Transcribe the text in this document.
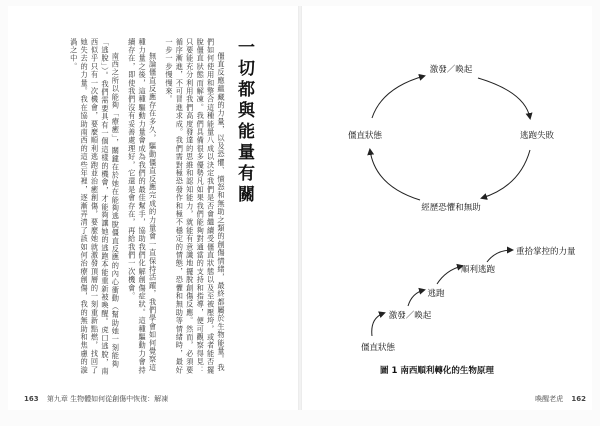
一切都與能量有關

僵直反應蘊藏的力量，以及恐懼、憤怒和無助之類的創傷情緒，最終都屬於生物能量。我們如何使用和整合這種能量八成以決定我們是否會繼續受僵直狀態以及至被壓垮，或者能否擺脫僵直狀態而解凍。我們具備很多優勢凡如果我們能夠對通當的支持和指導，便可觀察得見：只要能充分利用我們高度發達的思維和認知能力，就能有意識地擺脫創傷反應。然而，必須要循序漸進，不可冒進求成。我們需對極恐發作和極不穩定的情態，恐懼和無助等情緒時，最好一步一步慢慢來。

無論僵直反應存在多久，驅動僵直反應完成的力量會一直保持活躍，我們學會如何覺察這種力量之後，這種驅動力量會成為我們的最佳幫手，協助我們化解創傷症狀。這種驅動力會持續存在，即使我們沒有妥善處理好，它還是會存在，再給我們一次機會。

南西之所以能夠「療癒」，關鍵在於她在能夠逃脫僵直反應的內心衝動（幫助她一刻能夠「逃脫」）。我們需要具有一個這樣的機會，才能夠讓她的逃跑本能重新被喚醒。虎口逃脫，南西似乎只有一次機會，要麼順利逃跑並治癒創傷，要麼她就激發頂層的一刻重新點燃，找回了她失去的力量。我在協助南西的這些年裡，逐漸弄清了該如何治療創傷，我的無助和焦慮的漩渦之中。

163 第九章 生物體如何從創傷中恢復：解凍
激發／喚起
逃跑失敗
經歷恐懼和無助
僵直狀態
僵直狀態
激發／喚起
逃跑
順利逃跑
重拾掌控的力量
圖 1 南西順利轉化的生物原理
喚醒老虎 162
